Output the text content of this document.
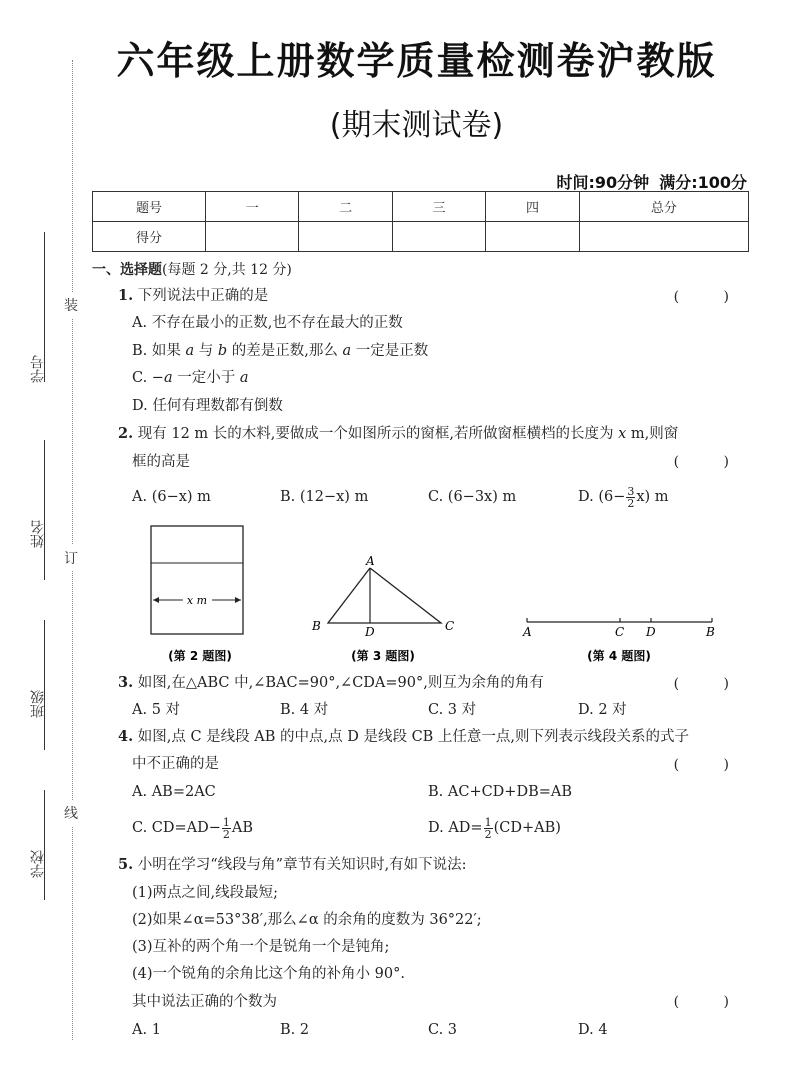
装
订
线
学号
姓名
班级
学校
六年级上册数学质量检测卷沪教版
(期末测试卷)
时间:90分钟 满分:100分
题号	一	二	三	四	总分
得分					
一、选择题(每题 2 分,共 12 分)
1. 下列说法中正确的是	( )
A. 不存在最小的正数,也不存在最大的正数
B. 如果 a 与 b 的差是正数,那么 a 一定是正数
C. −a 一定小于 a
D. 任何有理数都有倒数
2. 现有 12 m 长的木料,要做成一个如图所示的窗框,若所做窗框横档的长度为 x m,则窗
框的高是	( )
A. (6−x) m	B. (12−x) m	C. (6−3x) m	D. $(6- \frac{3}{2} x)$ m
x m
(第 2 题图)
A
B	D	C
(第 3 题图)
A	C D	B
(第 4 题图)
3. 如图,在△ABC 中,∠BAC=90°,∠CDA=90°,则互为余角的角有	( )
A. 5 对	B. 4 对	C. 3 对	D. 2 对
4. 如图,点 C 是线段 AB 的中点,点 D 是线段 CB 上任意一点,则下列表示线段关系的式子
中不正确的是	( )
A. AB=2AC	B. AC+CD+DB=AB
C. $CD=AD- \frac{1}{2}$ AB	D. $AD= \frac{1}{2} (CD+AB)$
5. 小明在学习“线段与角”章节有关知识时,有如下说法:
(1)两点之间,线段最短;
(2)如果∠α=53°38′,那么∠α 的余角的度数为 36°22′;
(3)互补的两个角一个是锐角一个是钝角;
(4)一个锐角的余角比这个角的补角小 90°.
其中说法正确的个数为	( )
A. 1	B. 2	C. 3	D. 4
